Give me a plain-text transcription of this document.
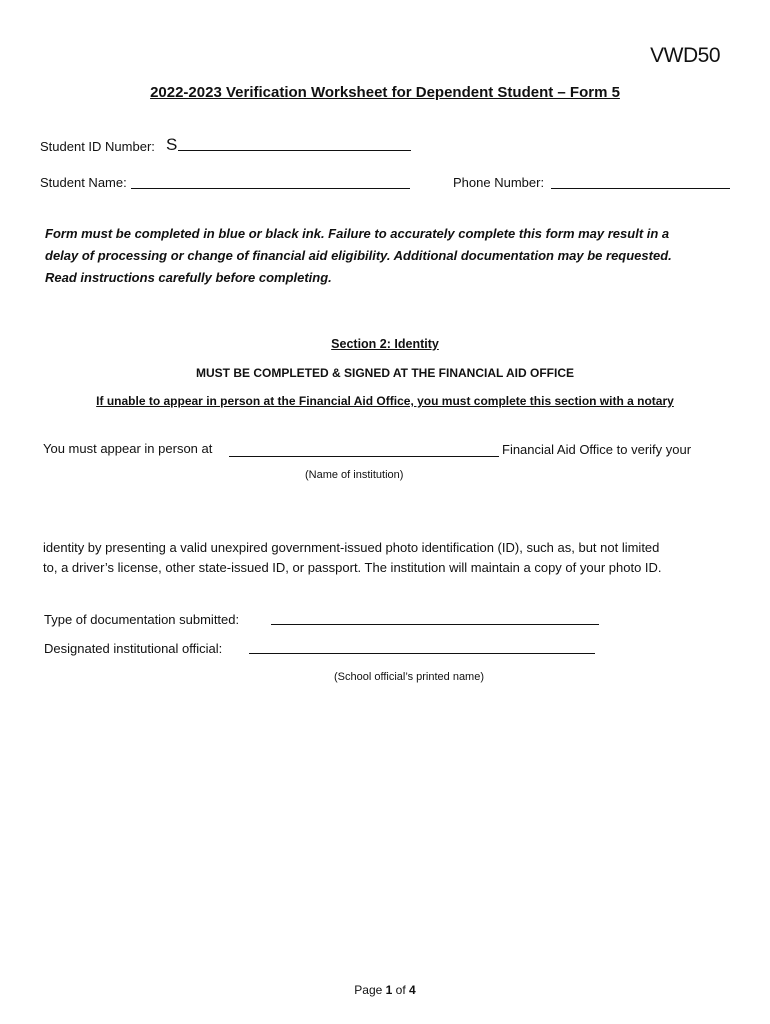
VWD50
2022-2023 Verification Worksheet for Dependent Student – Form 5
Student ID Number: S
Student Name:	Phone Number:
Form must be completed in blue or black ink. Failure to accurately complete this form may result in a
delay of processing or change of financial aid eligibility. Additional documentation may be requested.
Read instructions carefully before completing.
Section 2: Identity
MUST BE COMPLETED & SIGNED AT THE FINANCIAL AID OFFICE
If unable to appear in person at the Financial Aid Office, you must complete this section with a notary
You must appear in person at	Financial Aid Office to verify your
(Name of institution)
identity by presenting a valid unexpired government-issued photo identification (ID), such as, but not limited
to, a driver’s license, other state-issued ID, or passport. The institution will maintain a copy of your photo ID.
Type of documentation submitted:
Designated institutional official:
(School official’s printed name)
Page 1 of 4
